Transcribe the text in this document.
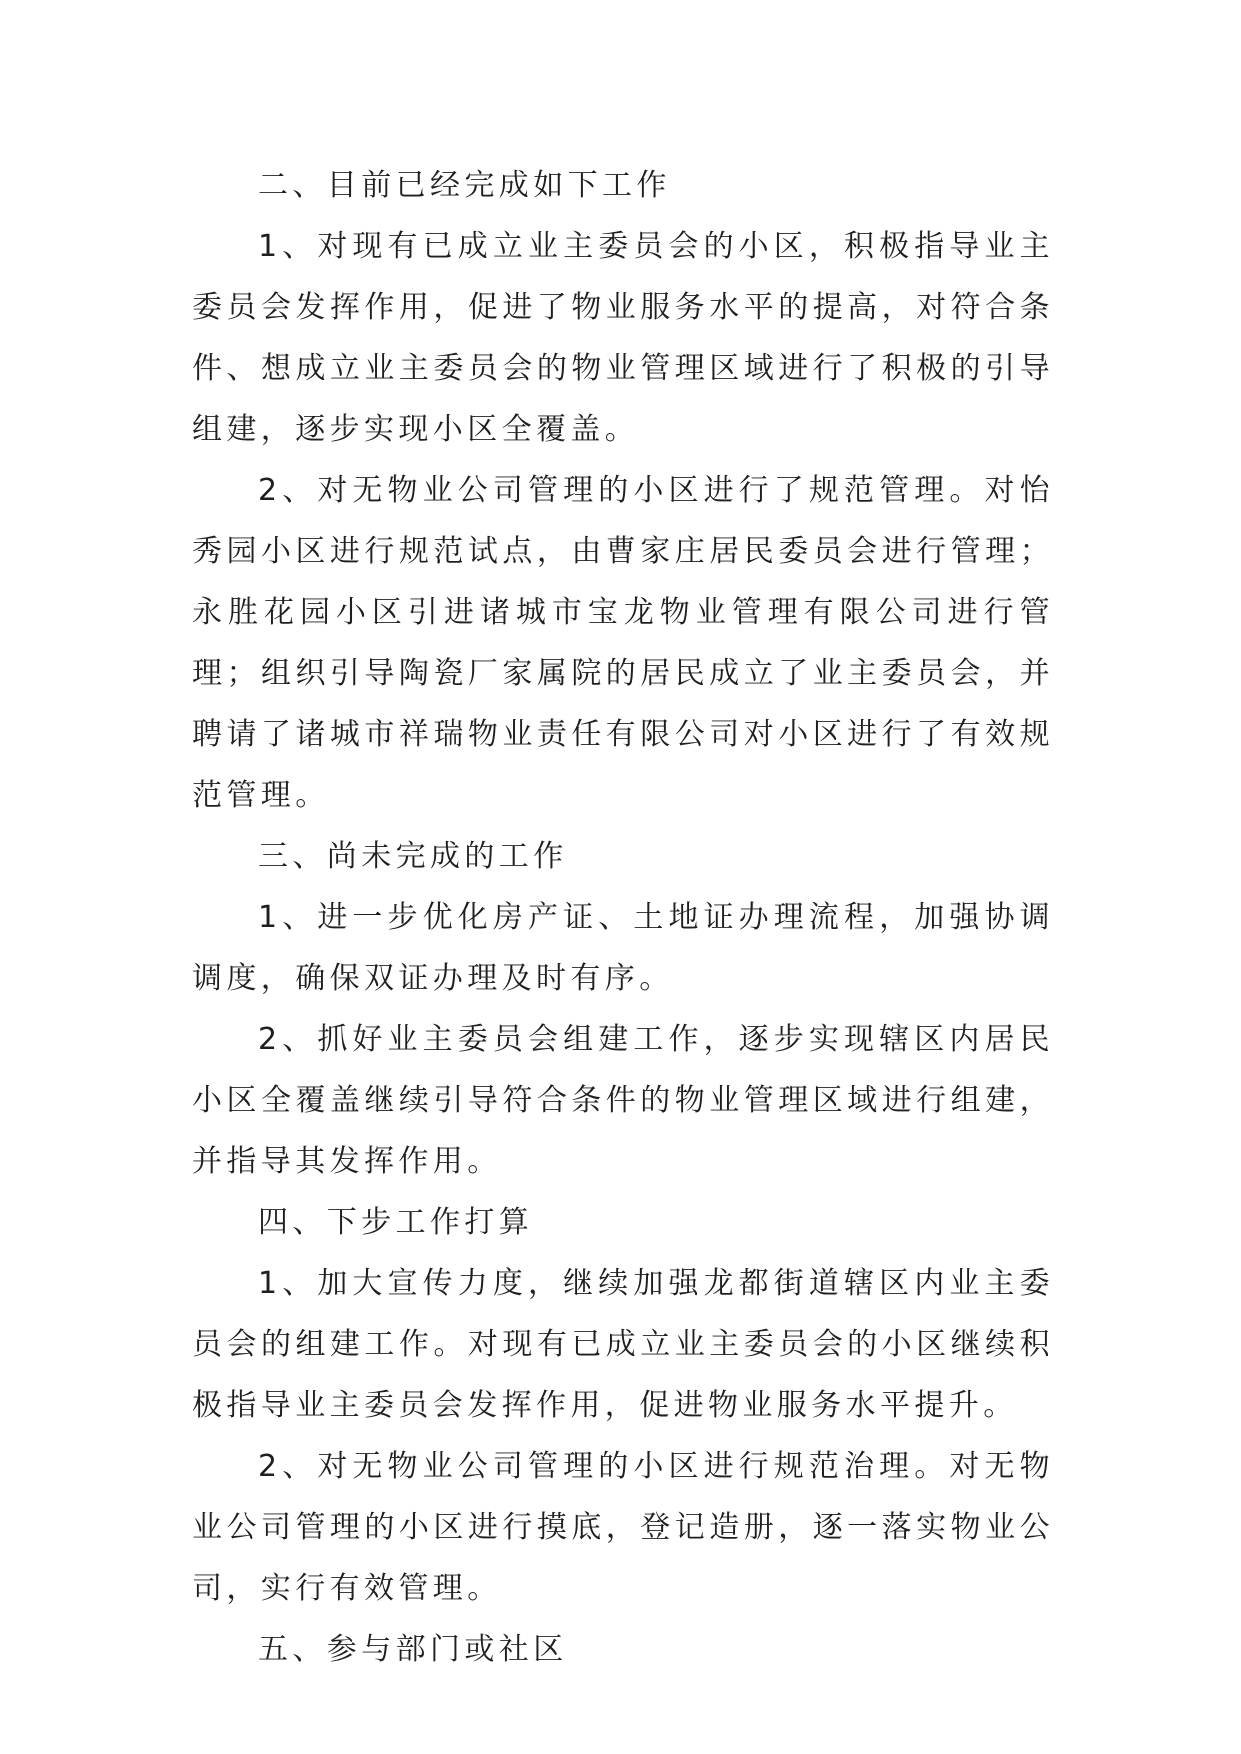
二、目前已经完成如下工作

1、对现有已成立业主委员会的小区，积极指导业主委员会发挥作用，促进了物业服务水平的提高，对符合条件、想成立业主委员会的物业管理区域进行了积极的引导组建，逐步实现小区全覆盖。

2、对无物业公司管理的小区进行了规范管理。对怡秀园小区进行规范试点，由曹家庄居民委员会进行管理；永胜花园小区引进诸城市宝龙物业管理有限公司进行管理；组织引导陶瓷厂家属院的居民成立了业主委员会，并聘请了诸城市祥瑞物业责任有限公司对小区进行了有效规范管理。

三、尚未完成的工作

1、进一步优化房产证、土地证办理流程，加强协调调度，确保双证办理及时有序。

2、抓好业主委员会组建工作，逐步实现辖区内居民小区全覆盖继续引导符合条件的物业管理区域进行组建，并指导其发挥作用。

四、下步工作打算

1、加大宣传力度，继续加强龙都街道辖区内业主委员会的组建工作。对现有已成立业主委员会的小区继续积极指导业主委员会发挥作用，促进物业服务水平提升。

2、对无物业公司管理的小区进行规范治理。对无物业公司管理的小区进行摸底，登记造册，逐一落实物业公司，实行有效管理。

五、参与部门或社区
